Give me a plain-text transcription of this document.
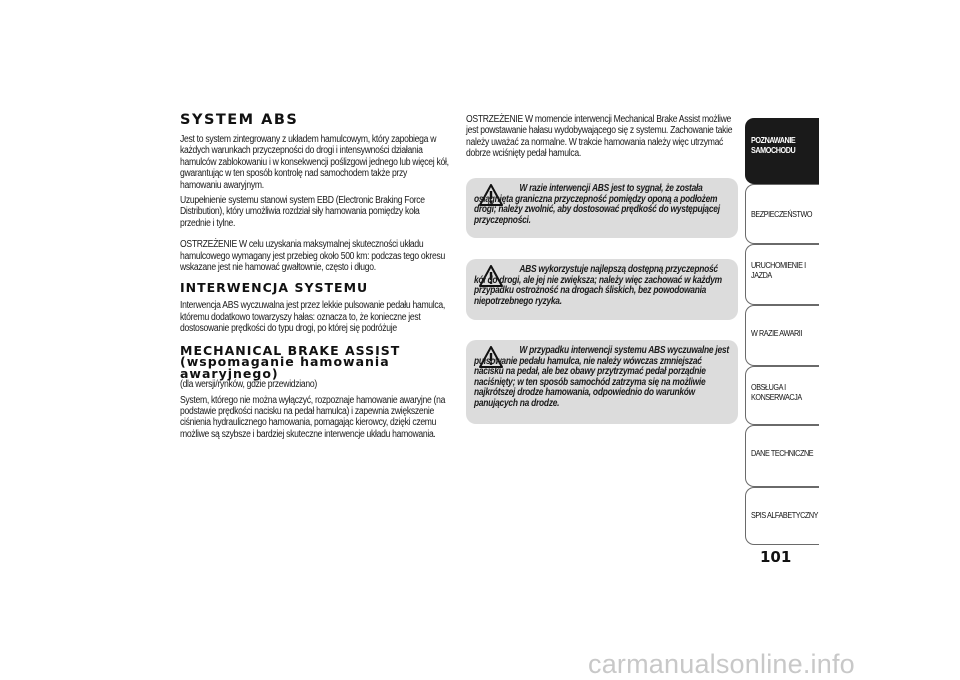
SYSTEM ABS
Jest to system zintegrowany z układem hamulcowym, który zapobiega w każdych warunkach przyczepności do drogi i intensywności działania hamulców zablokowaniu i w konsekwencji poślizgowi jednego lub więcej kół, gwarantując w ten sposób kontrolę nad samochodem także przy hamowaniu awaryjnym.
Uzupełnienie systemu stanowi system EBD (Electronic Braking Force Distribution), który umożliwia rozdział siły hamowania pomiędzy koła przednie i tylne.
OSTRZEŻENIE W celu uzyskania maksymalnej skuteczności układu hamulcowego wymagany jest przebieg około 500 km: podczas tego okresu wskazane jest nie hamować gwałtownie, często i długo.
INTERWENCJA SYSTEMU
Interwencja ABS wyczuwalna jest przez lekkie pulsowanie pedału hamulca, któremu dodatkowo towarzyszy hałas: oznacza to, że konieczne jest dostosowanie prędkości do typu drogi, po której się podróżuje
MECHANICAL BRAKE ASSIST (wspomaganie hamowania awaryjnego)
(dla wersji/rynków, gdzie przewidziano)
System, którego nie można wyłączyć, rozpoznaje hamowanie awaryjne (na podstawie prędkości nacisku na pedał hamulca) i zapewnia zwiększenie ciśnienia hydraulicznego hamowania, pomagając kierowcy, dzięki czemu możliwe są szybsze i bardziej skuteczne interwencje układu hamowania.
OSTRZEŻENIE W momencie interwencji Mechanical Brake Assist możliwe jest powstawanie hałasu wydobywającego się z systemu. Zachowanie takie należy uważać za normalne. W trakcie hamowania należy więc utrzymać dobrze wciśnięty pedał hamulca.

W razie interwencji ABS jest to sygnał, że została osiągnięta graniczna przyczepność pomiędzy oponą a podłożem drogi; należy zwolnić, aby dostosować prędkość do występującej przyczepności.

ABS wykorzystuje najlepszą dostępną przyczepność kół do drogi, ale jej nie zwiększa; należy więc zachować w każdym przypadku ostrożność na drogach śliskich, bez powodowania niepotrzebnego ryzyka.

W przypadku interwencji systemu ABS wyczuwalne jest pulsowanie pedału hamulca, nie należy wówczas zmniejszać nacisku na pedał, ale bez obawy przytrzymać pedał porządnie naciśnięty; w ten sposób samochód zatrzyma się na możliwie najkrótszej drodze hamowania, odpowiednio do warunków panujących na drodze.

POZNAWANIE SAMOCHODU
BEZPIECZEŃSTWO
URUCHOMIENIE I JAZDA
W RAZIE AWARII
OBSŁUGA I KONSERWACJA
DANE TECHNICZNE
SPIS ALFABETYCZNY
101
carmanualsonline.info
